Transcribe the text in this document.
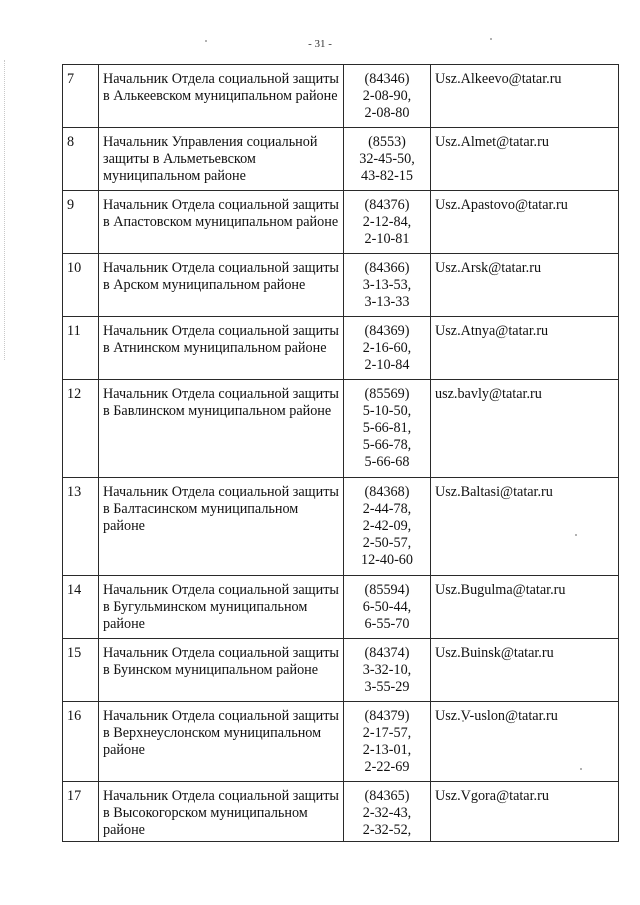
- 31 -
7	Начальник Отдела социальной защиты в Алькеевском муниципальном районе	(84346)
2-08-90,
2-08-80	Usz.Alkeevo@tatar.ru
8	Начальник Управления социальной защиты в Альметьевском муниципальном районе	(8553)
32-45-50,
43-82-15	Usz.Almet@tatar.ru
9	Начальник Отдела социальной защиты в Апастовском муниципальном районе	(84376)
2-12-84,
2-10-81	Usz.Apastovo@tatar.ru
10	Начальник Отдела социальной защиты в Арском муниципальном районе	(84366)
3-13-53,
3-13-33	Usz.Arsk@tatar.ru
11	Начальник Отдела социальной защиты в Атнинском муниципальном районе	(84369)
2-16-60,
2-10-84	Usz.Atnya@tatar.ru
12	Начальник Отдела социальной защиты в Бавлинском муниципальном районе	(85569)
5-10-50,
5-66-81,
5-66-78,
5-66-68	usz.bavly@tatar.ru
13	Начальник Отдела социальной защиты в Балтасинском муниципальном районе	(84368)
2-44-78,
2-42-09,
2-50-57,
12-40-60	Usz.Baltasi@tatar.ru
14	Начальник Отдела социальной защиты в Бугульминском муниципальном районе	(85594)
6-50-44,
6-55-70	Usz.Bugulma@tatar.ru
15	Начальник Отдела социальной защиты в Буинском муниципальном районе	(84374)
3-32-10,
3-55-29	Usz.Buinsk@tatar.ru
16	Начальник Отдела социальной защиты в Верхнеуслонском муниципальном районе	(84379)
2-17-57,
2-13-01,
2-22-69	Usz.V-uslon@tatar.ru
17	Начальник Отдела социальной защиты в Высокогорском муниципальном районе	(84365)
2-32-43,
2-32-52,	Usz.Vgora@tatar.ru
